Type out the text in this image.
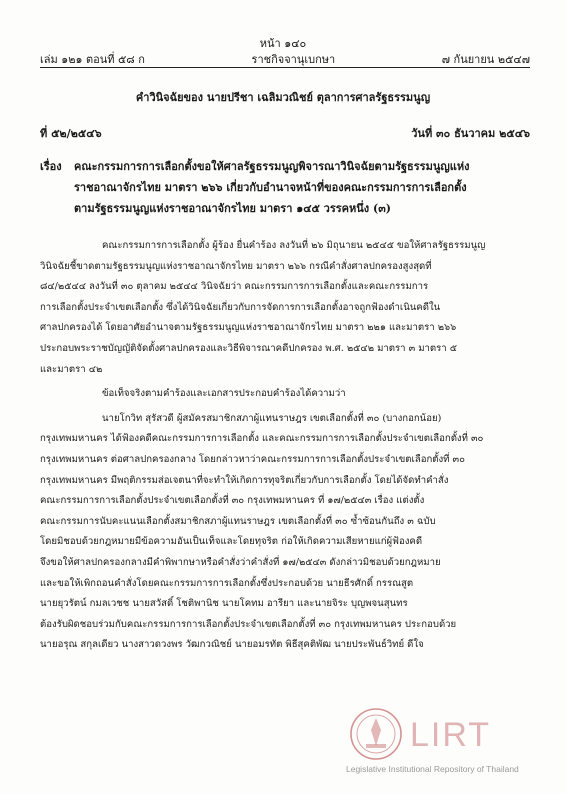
หน้า ๑๔๐
เล่ม ๑๒๑ ตอนที่ ๕๘ ก	ราชกิจจานุเบกษา	๗ กันยายน ๒๕๔๗
คำวินิจฉัยของ นายปรีชา เฉลิมวณิชย์ ตุลาการศาลรัฐธรรมนูญ
ที่ ๕๒/๒๕๔๖	วันที่ ๓๐ ธันวาคม ๒๕๔๖
เรื่อง คณะกรรมการการเลือกตั้งขอให้ศาลรัฐธรรมนูญพิจารณาวินิจฉัยตามรัฐธรรมนูญแห่ง
ราชอาณาจักรไทย มาตรา ๒๖๖ เกี่ยวกับอำนาจหน้าที่ของคณะกรรมการการเลือกตั้ง
ตามรัฐธรรมนูญแห่งราชอาณาจักรไทย มาตรา ๑๔๕ วรรคหนึ่ง (๓)
คณะกรรมการการเลือกตั้ง ผู้ร้อง ยื่นคำร้อง ลงวันที่ ๒๖ มิถุนายน ๒๕๔๕ ขอให้ศาลรัฐธรรมนูญ
วินิจฉัยชี้ขาดตามรัฐธรรมนูญแห่งราชอาณาจักรไทย มาตรา ๒๖๖ กรณีคำสั่งศาลปกครองสูงสุดที่
๘๔/๒๕๔๔ ลงวันที่ ๓๐ ตุลาคม ๒๕๔๔ วินิจฉัยว่า คณะกรรมการการเลือกตั้งและคณะกรรมการ
การเลือกตั้งประจำเขตเลือกตั้ง ซึ่งได้วินิจฉัยเกี่ยวกับการจัดการการเลือกตั้งอาจถูกฟ้องดำเนินคดีใน
ศาลปกครองได้ โดยอาศัยอำนาจตามรัฐธรรมนูญแห่งราชอาณาจักรไทย มาตรา ๒๒๑ และมาตรา ๒๖๖
ประกอบพระราชบัญญัติจัดตั้งศาลปกครองและวิธีพิจารณาคดีปกครอง พ.ศ. ๒๕๔๒ มาตรา ๓ มาตรา ๕
และมาตรา ๔๒
ข้อเท็จจริงตามคำร้องและเอกสารประกอบคำร้องได้ความว่า
นายโกวิท สุรัสวดี ผู้สมัครสมาชิกสภาผู้แทนราษฎร เขตเลือกตั้งที่ ๓๐ (บางกอกน้อย)
กรุงเทพมหานคร ได้ฟ้องคดีคณะกรรมการการเลือกตั้ง และคณะกรรมการการเลือกตั้งประจำเขตเลือกตั้งที่ ๓๐
กรุงเทพมหานคร ต่อศาลปกครองกลาง โดยกล่าวหาว่าคณะกรรมการการเลือกตั้งประจำเขตเลือกตั้งที่ ๓๐
กรุงเทพมหานคร มีพฤติกรรมส่อเจตนาที่จะทำให้เกิดการทุจริตเกี่ยวกับการเลือกตั้ง โดยได้จัดทำคำสั่ง
คณะกรรมการการเลือกตั้งประจำเขตเลือกตั้งที่ ๓๐ กรุงเทพมหานคร ที่ ๑๗/๒๕๔๓ เรื่อง แต่งตั้ง
คณะกรรมการนับคะแนนเลือกตั้งสมาชิกสภาผู้แทนราษฎร เขตเลือกตั้งที่ ๓๐ ซ้ำซ้อนกันถึง ๓ ฉบับ
โดยมิชอบด้วยกฎหมายมีข้อความอันเป็นเท็จและโดยทุจริต ก่อให้เกิดความเสียหายแก่ผู้ฟ้องคดี
จึงขอให้ศาลปกครองกลางมีคำพิพากษาหรือคำสั่งว่าคำสั่งที่ ๑๗/๒๕๔๓ ดังกล่าวมิชอบด้วยกฎหมาย
และขอให้เพิกถอนคำสั่งโดยคณะกรรมการการเลือกตั้งซึ่งประกอบด้วย นายธีรศักดิ์ กรรณสูต
นายยุวรัตน์ กมลเวชช นายสวัสดิ์ โชติพานิช นายโคทม อารียา และนายจิระ บุญพจนสุนทร
ต้องรับผิดชอบร่วมกับคณะกรรมการการเลือกตั้งประจำเขตเลือกตั้งที่ ๓๐ กรุงเทพมหานคร ประกอบด้วย
นายอรุณ สกุลเดียว นางสาวดวงพร วัฒกวณิชย์ นายอมรทัต พิธีสุคติพัฒ นายประพันธ์วิทย์ ดีใจ
LIRT
Legislative Institutional Repository of Thailand
